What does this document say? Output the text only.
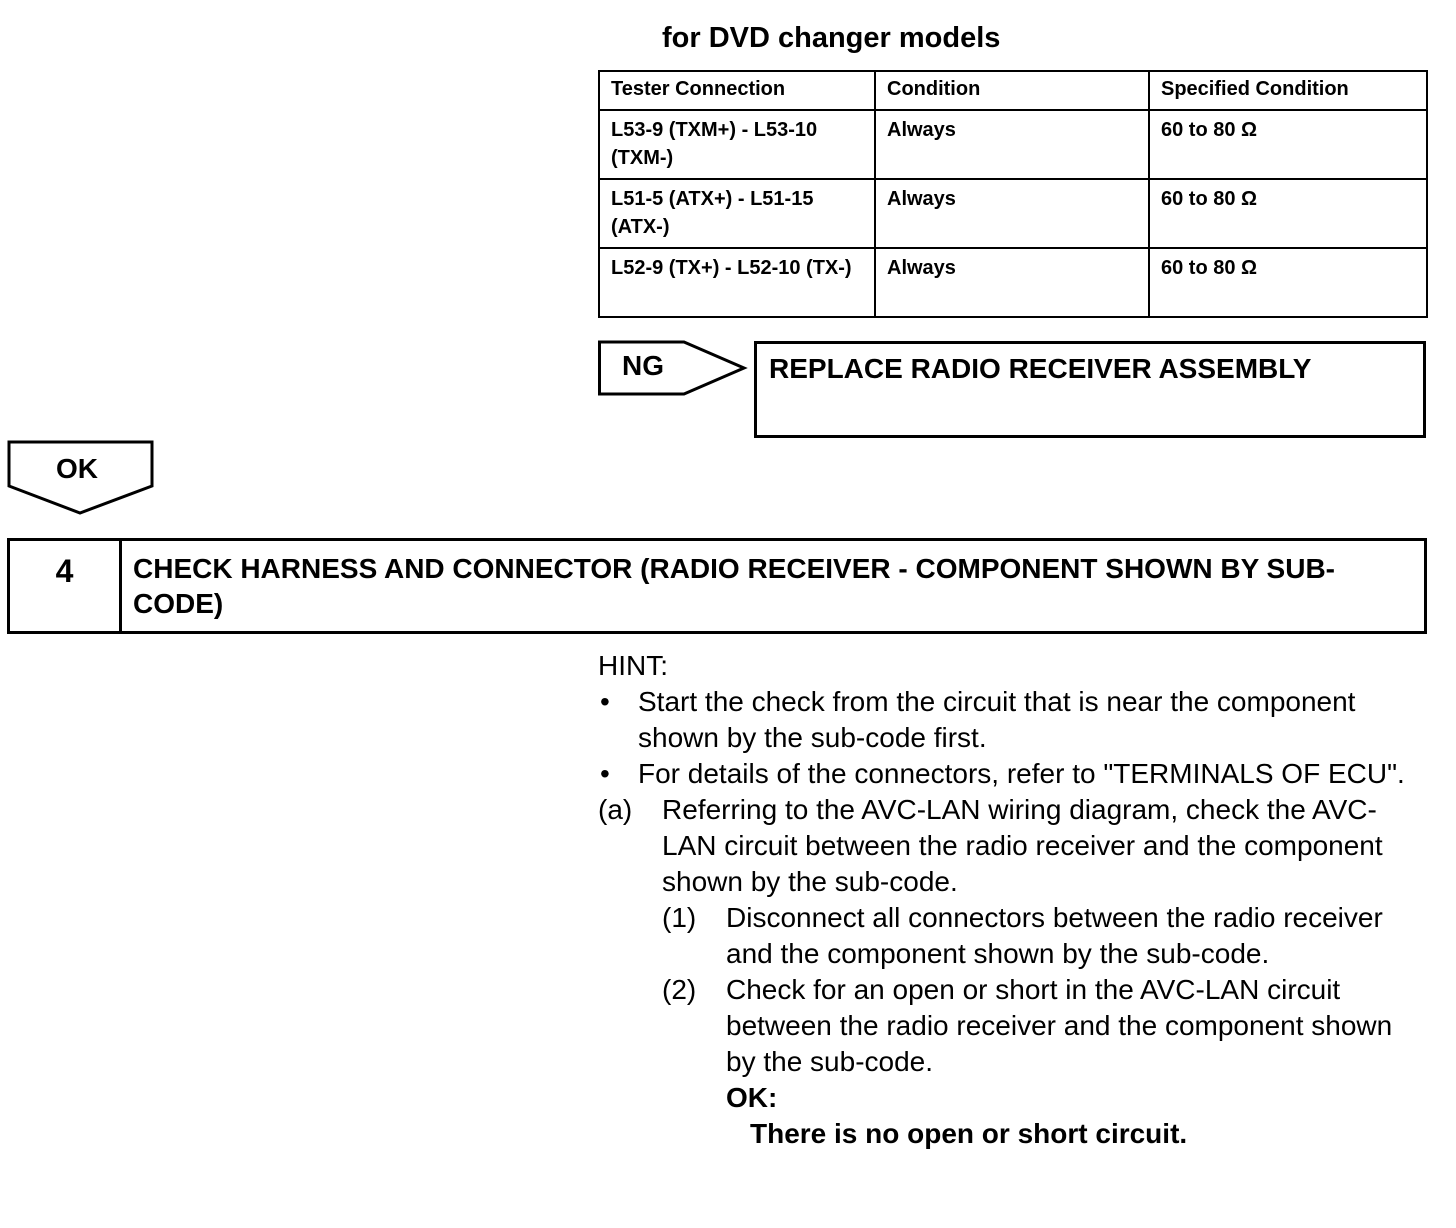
for DVD changer models
Tester Connection	Condition	Specified Condition
L53-9 (TXM+) - L53-10 (TXM-)	Always	60 to 80 Ω
L51-5 (ATX+) - L51-15 (ATX-)	Always	60 to 80 Ω
L52-9 (TX+) - L52-10 (TX-)	Always	60 to 80 Ω
NG	REPLACE RADIO RECEIVER ASSEMBLY
OK
4	CHECK HARNESS AND CONNECTOR (RADIO RECEIVER - COMPONENT SHOWN BY SUB-CODE)
HINT:
• Start the check from the circuit that is near the component shown by the sub-code first.
• For details of the connectors, refer to "TERMINALS OF ECU".
(a) Referring to the AVC-LAN wiring diagram, check the AVC-LAN circuit between the radio receiver and the component shown by the sub-code.
(1) Disconnect all connectors between the radio receiver and the component shown by the sub-code.
(2) Check for an open or short in the AVC-LAN circuit between the radio receiver and the component shown by the sub-code.
OK:
There is no open or short circuit.
